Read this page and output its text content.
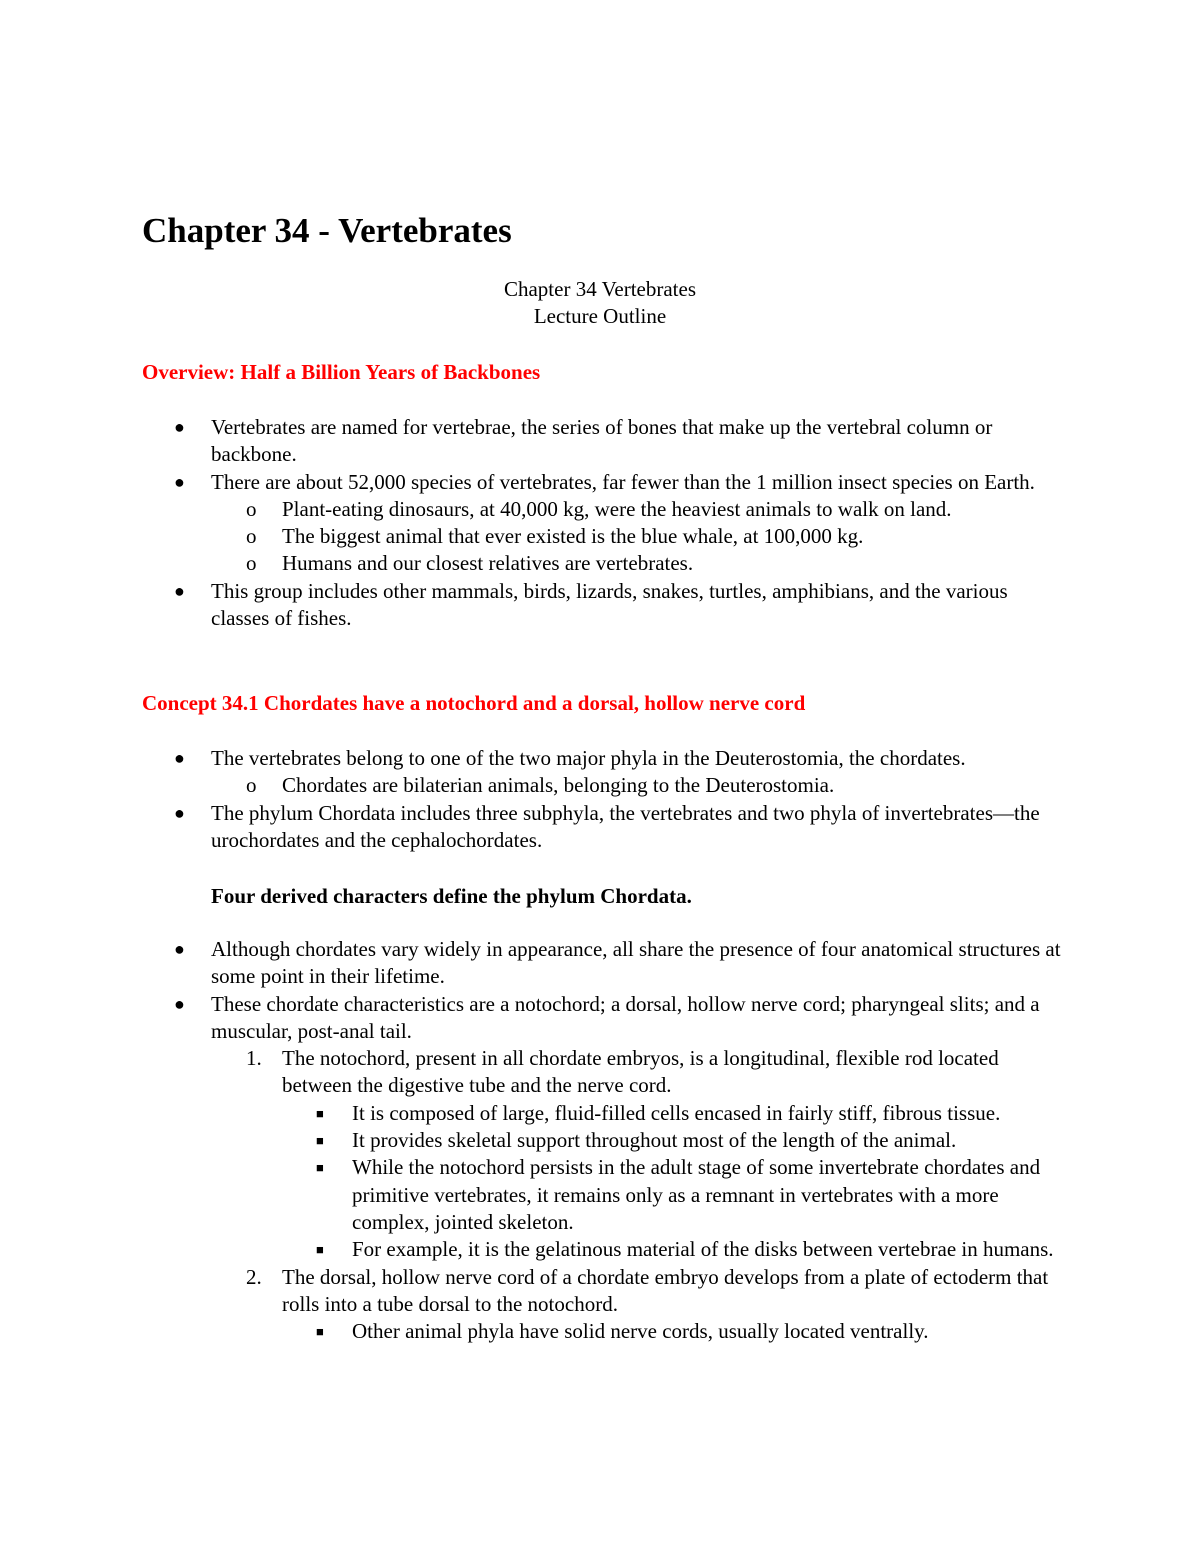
Chapter 34 - Vertebrates
Chapter 34 Vertebrates
Lecture Outline
Overview: Half a Billion Years of Backbones
● Vertebrates are named for vertebrae, the series of bones that make up the vertebral column or backbone.
● There are about 52,000 species of vertebrates, far fewer than the 1 million insect species on Earth.
o Plant-eating dinosaurs, at 40,000 kg, were the heaviest animals to walk on land.
o The biggest animal that ever existed is the blue whale, at 100,000 kg.
o Humans and our closest relatives are vertebrates.
● This group includes other mammals, birds, lizards, snakes, turtles, amphibians, and the various classes of fishes.
Concept 34.1 Chordates have a notochord and a dorsal, hollow nerve cord
● The vertebrates belong to one of the two major phyla in the Deuterostomia, the chordates.
o Chordates are bilaterian animals, belonging to the Deuterostomia.
● The phylum Chordata includes three subphyla, the vertebrates and two phyla of invertebrates—the urochordates and the cephalochordates.
Four derived characters define the phylum Chordata.
● Although chordates vary widely in appearance, all share the presence of four anatomical structures at some point in their lifetime.
● These chordate characteristics are a notochord; a dorsal, hollow nerve cord; pharyngeal slits; and a muscular, post-anal tail.
1. The notochord, present in all chordate embryos, is a longitudinal, flexible rod located between the digestive tube and the nerve cord.
■ It is composed of large, fluid-filled cells encased in fairly stiff, fibrous tissue.
■ It provides skeletal support throughout most of the length of the animal.
■ While the notochord persists in the adult stage of some invertebrate chordates and primitive vertebrates, it remains only as a remnant in vertebrates with a more complex, jointed skeleton.
■ For example, it is the gelatinous material of the disks between vertebrae in humans.
2. The dorsal, hollow nerve cord of a chordate embryo develops from a plate of ectoderm that rolls into a tube dorsal to the notochord.
■ Other animal phyla have solid nerve cords, usually located ventrally.
